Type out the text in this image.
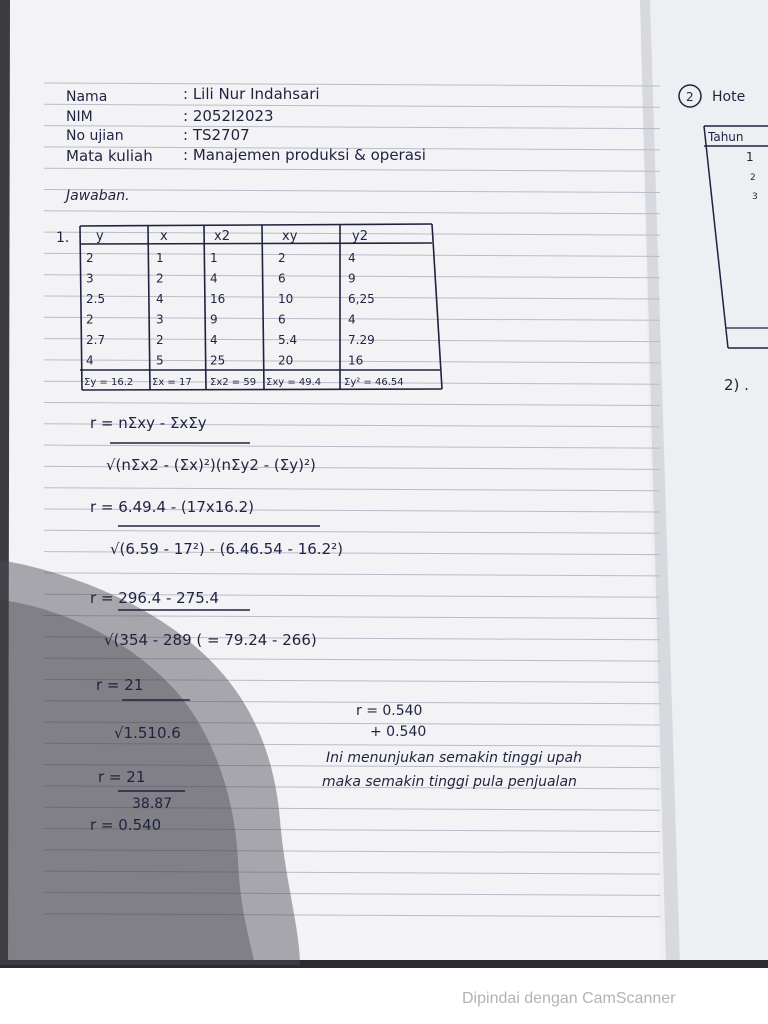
Nama	: Lili Nur Indahsari
NIM	: 2052I2023
No ujian	: TS2707
Mata kuliah : Manajemen produksi & operasi
Jawaban.
1. y	x	x2	xy	y2
2	1	1	2	4
3	2	4	6	9
2.5	4	16	10	6,25
2	3	9	6	4
2.7	2	4	5.4	7.29
4	5	25	20	16
Σy = 16.2 Σx = 17 Σx2 = 59 Σxy = 49.4 Σy² = 46.54
r = nΣxy - ΣxΣy
√(nΣx2 - (Σx)²)(nΣy2 - (Σy)²)
r = 6.49.4 - (17x16.2)
√(6.59 - 17²) - (6.46.54 - 16.2²)
r = 296.4 - 275.4
√(354 - 289 ( = 79.24 - 266)
r = 21
√1.510.6
r = 21
38.87
r = 0.540
r = 0.540
+ 0.540
Ini menunjukan semakin tinggi upah
maka semakin tinggi pula penjualan
2 Hote
Tahun
1
2
3
2) .
Dipindai dengan CamScanner
